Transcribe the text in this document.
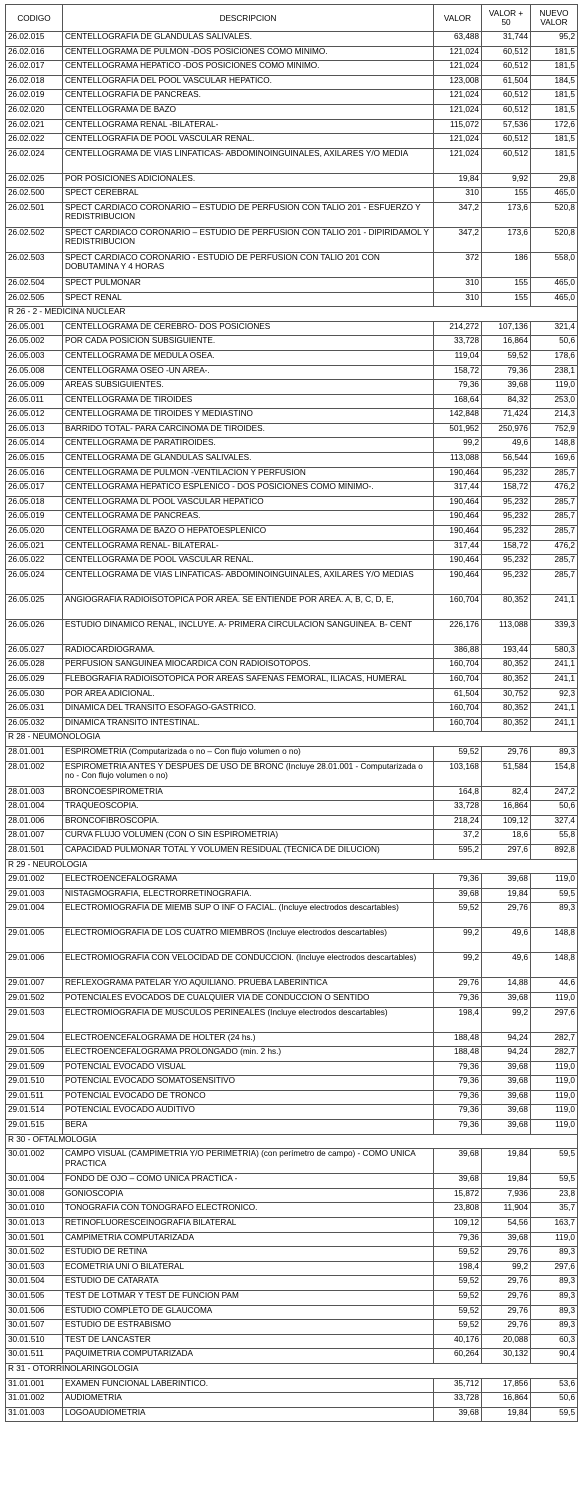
CODIGO	DESCRIPCION	VALOR	VALOR + 50	NUEVO VALOR
26.02.015	CENTELLOGRAFIA DE GLANDULAS SALIVALES.	63,488	31,744	95,2
26.02.016	CENTELLOGRAMA DE PULMON -DOS POSICIONES COMO MINIMO.	121,024	60,512	181,5
26.02.017	CENTELLOGRAMA HEPATICO -DOS POSICIONES COMO MINIMO.	121,024	60,512	181,5
26.02.018	CENTELLOGRAFIA DEL POOL VASCULAR HEPATICO.	123,008	61,504	184,5
26.02.019	CENTELLOGRAFIA DE PANCREAS.	121,024	60,512	181,5
26.02.020	CENTELLOGRAMA DE BAZO	121,024	60,512	181,5
26.02.021	CENTELLOGRAMA RENAL -BILATERAL-	115,072	57,536	172,6
26.02.022	CENTELLOGRAFIA DE POOL VASCULAR RENAL.	121,024	60,512	181,5
26.02.024	CENTELLOGRAMA DE VIAS LINFATICAS- ABDOMINOINGUINALES, AXILARES Y/O MEDIA	121,024	60,512	181,5
26.02.025	POR POSICIONES ADICIONALES.	19,84	9,92	29,8
26.02.500	SPECT CEREBRAL	310	155	465,0
26.02.501	SPECT CARDIACO CORONARIO – ESTUDIO DE PERFUSION CON TALIO 201 - ESFUERZO Y REDISTRIBUCION	347,2	173,6	520,8
26.02.502	SPECT CARDIACO CORONARIO – ESTUDIO DE PERFUSION CON TALIO 201 - DIPIRIDAMOL Y REDISTRIBUCION	347,2	173,6	520,8
26.02.503	SPECT CARDIACO CORONARIO - ESTUDIO DE PERFUSION CON TALIO 201 CON DOBUTAMINA Y 4 HORAS	372	186	558,0
26.02.504	SPECT PULMONAR	310	155	465,0
26.02.505	SPECT RENAL	310	155	465,0
R 26 - 2 - MEDICINA NUCLEAR				
26.05.001	CENTELLOGRAMA DE CEREBRO- DOS POSICIONES	214,272	107,136	321,4
26.05.002	POR CADA POSICION SUBSIGUIENTE.	33,728	16,864	50,6
26.05.003	CENTELLOGRAMA DE MEDULA OSEA.	119,04	59,52	178,6
26.05.008	CENTELLOGRAMA OSEO -UN AREA-.	158,72	79,36	238,1
26.05.009	AREAS SUBSIGUIENTES.	79,36	39,68	119,0
26.05.011	CENTELLOGRAMA DE TIROIDES	168,64	84,32	253,0
26.05.012	CENTELLOGRAMA DE TIROIDES Y MEDIASTINO	142,848	71,424	214,3
26.05.013	BARRIDO TOTAL- PARA CARCINOMA DE TIROIDES.	501,952	250,976	752,9
26.05.014	CENTELLOGRAMA DE PARATIROIDES.	99,2	49,6	148,8
26.05.015	CENTELLOGRAMA DE GLANDULAS SALIVALES.	113,088	56,544	169,6
26.05.016	CENTELLOGRAMA DE PULMON -VENTILACION Y PERFUSION	190,464	95,232	285,7
26.05.017	CENTELLOGRAMA HEPATICO ESPLENICO - DOS POSICIONES COMO MINIMO-.	317,44	158,72	476,2
26.05.018	CENTELLOGRAMA DL POOL VASCULAR HEPATICO	190,464	95,232	285,7
26.05.019	CENTELLOGRAMA DE PANCREAS.	190,464	95,232	285,7
26.05.020	CENTELLOGRAMA DE BAZO O HEPATOESPLENICO	190,464	95,232	285,7
26.05.021	CENTELLOGRAMA RENAL- BILATERAL-	317,44	158,72	476,2
26.05.022	CENTELLOGRAMA DE POOL VASCULAR RENAL.	190,464	95,232	285,7
26.05.024	CENTELLOGRAMA DE VIAS LINFATICAS- ABDOMINOINGUINALES, AXILARES Y/O MEDIAS	190,464	95,232	285,7
26.05.025	ANGIOGRAFIA RADIOISOTOPICA POR AREA. SE ENTIENDE POR AREA. A, B, C, D, E,	160,704	80,352	241,1
26.05.026	ESTUDIO DINAMICO RENAL, INCLUYE. A- PRIMERA CIRCULACION SANGUINEA. B- CENT	226,176	113,088	339,3
26.05.027	RADIOCARDIOGRAMA.	386,88	193,44	580,3
26.05.028	PERFUSION SANGUINEA MIOCARDICA CON RADIOISOTOPOS.	160,704	80,352	241,1
26.05.029	FLEBOGRAFIA RADIOISOTOPICA POR AREAS SAFENAS FEMORAL, ILIACAS, HUMERAL	160,704	80,352	241,1
26.05.030	POR AREA ADICIONAL.	61,504	30,752	92,3
26.05.031	DINAMICA DEL TRANSITO ESOFAGO-GASTRICO.	160,704	80,352	241,1
26.05.032	DINAMICA TRANSITO INTESTINAL.	160,704	80,352	241,1
R 28 - NEUMONOLOGIA				
28.01.001	ESPIROMETRIA (Computarizada o no – Con flujo volumen o no)	59,52	29,76	89,3
28.01.002	ESPIROMETRIA ANTES Y DESPUES DE USO DE BRONC (Incluye 28.01.001 - Computarizada o no - Con flujo volumen o no)	103,168	51,584	154,8
28.01.003	BRONCOESPIROMETRIA	164,8	82,4	247,2
28.01.004	TRAQUEOSCOPIA.	33,728	16,864	50,6
28.01.006	BRONCOFIBROSCOPIA.	218,24	109,12	327,4
28.01.007	CURVA FLUJO VOLUMEN (CON O SIN ESPIROMETRIA)	37,2	18,6	55,8
28.01.501	CAPACIDAD PULMONAR TOTAL Y VOLUMEN RESIDUAL (TECNICA DE DILUCION)	595,2	297,6	892,8
R 29 - NEUROLOGIA				
29.01.002	ELECTROENCEFALOGRAMA	79,36	39,68	119,0
29.01.003	NISTAGMOGRAFIA, ELECTRORRETINOGRAFIA.	39,68	19,84	59,5
29.01.004	ELECTROMIOGRAFIA DE MIEMB SUP O INF O FACIAL. (Incluye electrodos descartables)	59,52	29,76	89,3
29.01.005	ELECTROMIOGRAFIA DE LOS CUATRO MIEMBROS (Incluye electrodos descartables)	99,2	49,6	148,8
29.01.006	ELECTROMIOGRAFIA CON VELOCIDAD DE CONDUCCION. (Incluye electrodos descartables)	99,2	49,6	148,8
29.01.007	REFLEXOGRAMA PATELAR Y/O AQUILIANO. PRUEBA LABERINTICA	29,76	14,88	44,6
29.01.502	POTENCIALES EVOCADOS DE CUALQUIER VIA DE CONDUCCION O SENTIDO	79,36	39,68	119,0
29.01.503	ELECTROMIOGRAFIA DE MUSCULOS PERINEALES (Incluye electrodos descartables)	198,4	99,2	297,6
29.01.504	ELECTROENCEFALOGRAMA DE HOLTER (24 hs.)	188,48	94,24	282,7
29.01.505	ELECTROENCEFALOGRAMA PROLONGADO (min. 2 hs.)	188,48	94,24	282,7
29.01.509	POTENCIAL EVOCADO VISUAL	79,36	39,68	119,0
29.01.510	POTENCIAL EVOCADO SOMATOSENSITIVO	79,36	39,68	119,0
29.01.511	POTENCIAL EVOCADO DE TRONCO	79,36	39,68	119,0
29.01.514	POTENCIAL EVOCADO AUDITIVO	79,36	39,68	119,0
29.01.515	BERA	79,36	39,68	119,0
R 30 - OFTALMOLOGIA				
30.01.002	CAMPO VISUAL (CAMPIMETRIA Y/O PERIMETRIA) (con perímetro de campo) - COMO UNICA PRACTICA	39,68	19,84	59,5
30.01.004	FONDO DE OJO – COMO UNICA PRACTICA -	39,68	19,84	59,5
30.01.008	GONIOSCOPIA	15,872	7,936	23,8
30.01.010	TONOGRAFIA CON TONOGRAFO ELECTRONICO.	23,808	11,904	35,7
30.01.013	RETINOFLUORESCEINOGRAFIA BILATERAL	109,12	54,56	163,7
30.01.501	CAMPIMETRIA COMPUTARIZADA	79,36	39,68	119,0
30.01.502	ESTUDIO DE RETINA	59,52	29,76	89,3
30.01.503	ECOMETRIA UNI O BILATERAL	198,4	99,2	297,6
30.01.504	ESTUDIO DE CATARATA	59,52	29,76	89,3
30.01.505	TEST DE LOTMAR Y TEST DE FUNCION PAM	59,52	29,76	89,3
30.01.506	ESTUDIO COMPLETO DE GLAUCOMA	59,52	29,76	89,3
30.01.507	ESTUDIO DE ESTRABISMO	59,52	29,76	89,3
30.01.510	TEST DE LANCASTER	40,176	20,088	60,3
30.01.511	PAQUIMETRIA COMPUTARIZADA	60,264	30,132	90,4
R 31 - OTORRINOLARINGOLOGIA				
31.01.001	EXAMEN FUNCIONAL LABERINTICO.	35,712	17,856	53,6
31.01.002	AUDIOMETRIA	33,728	16,864	50,6
31.01.003	LOGOAUDIOMETRIA	39,68	19,84	59,5
